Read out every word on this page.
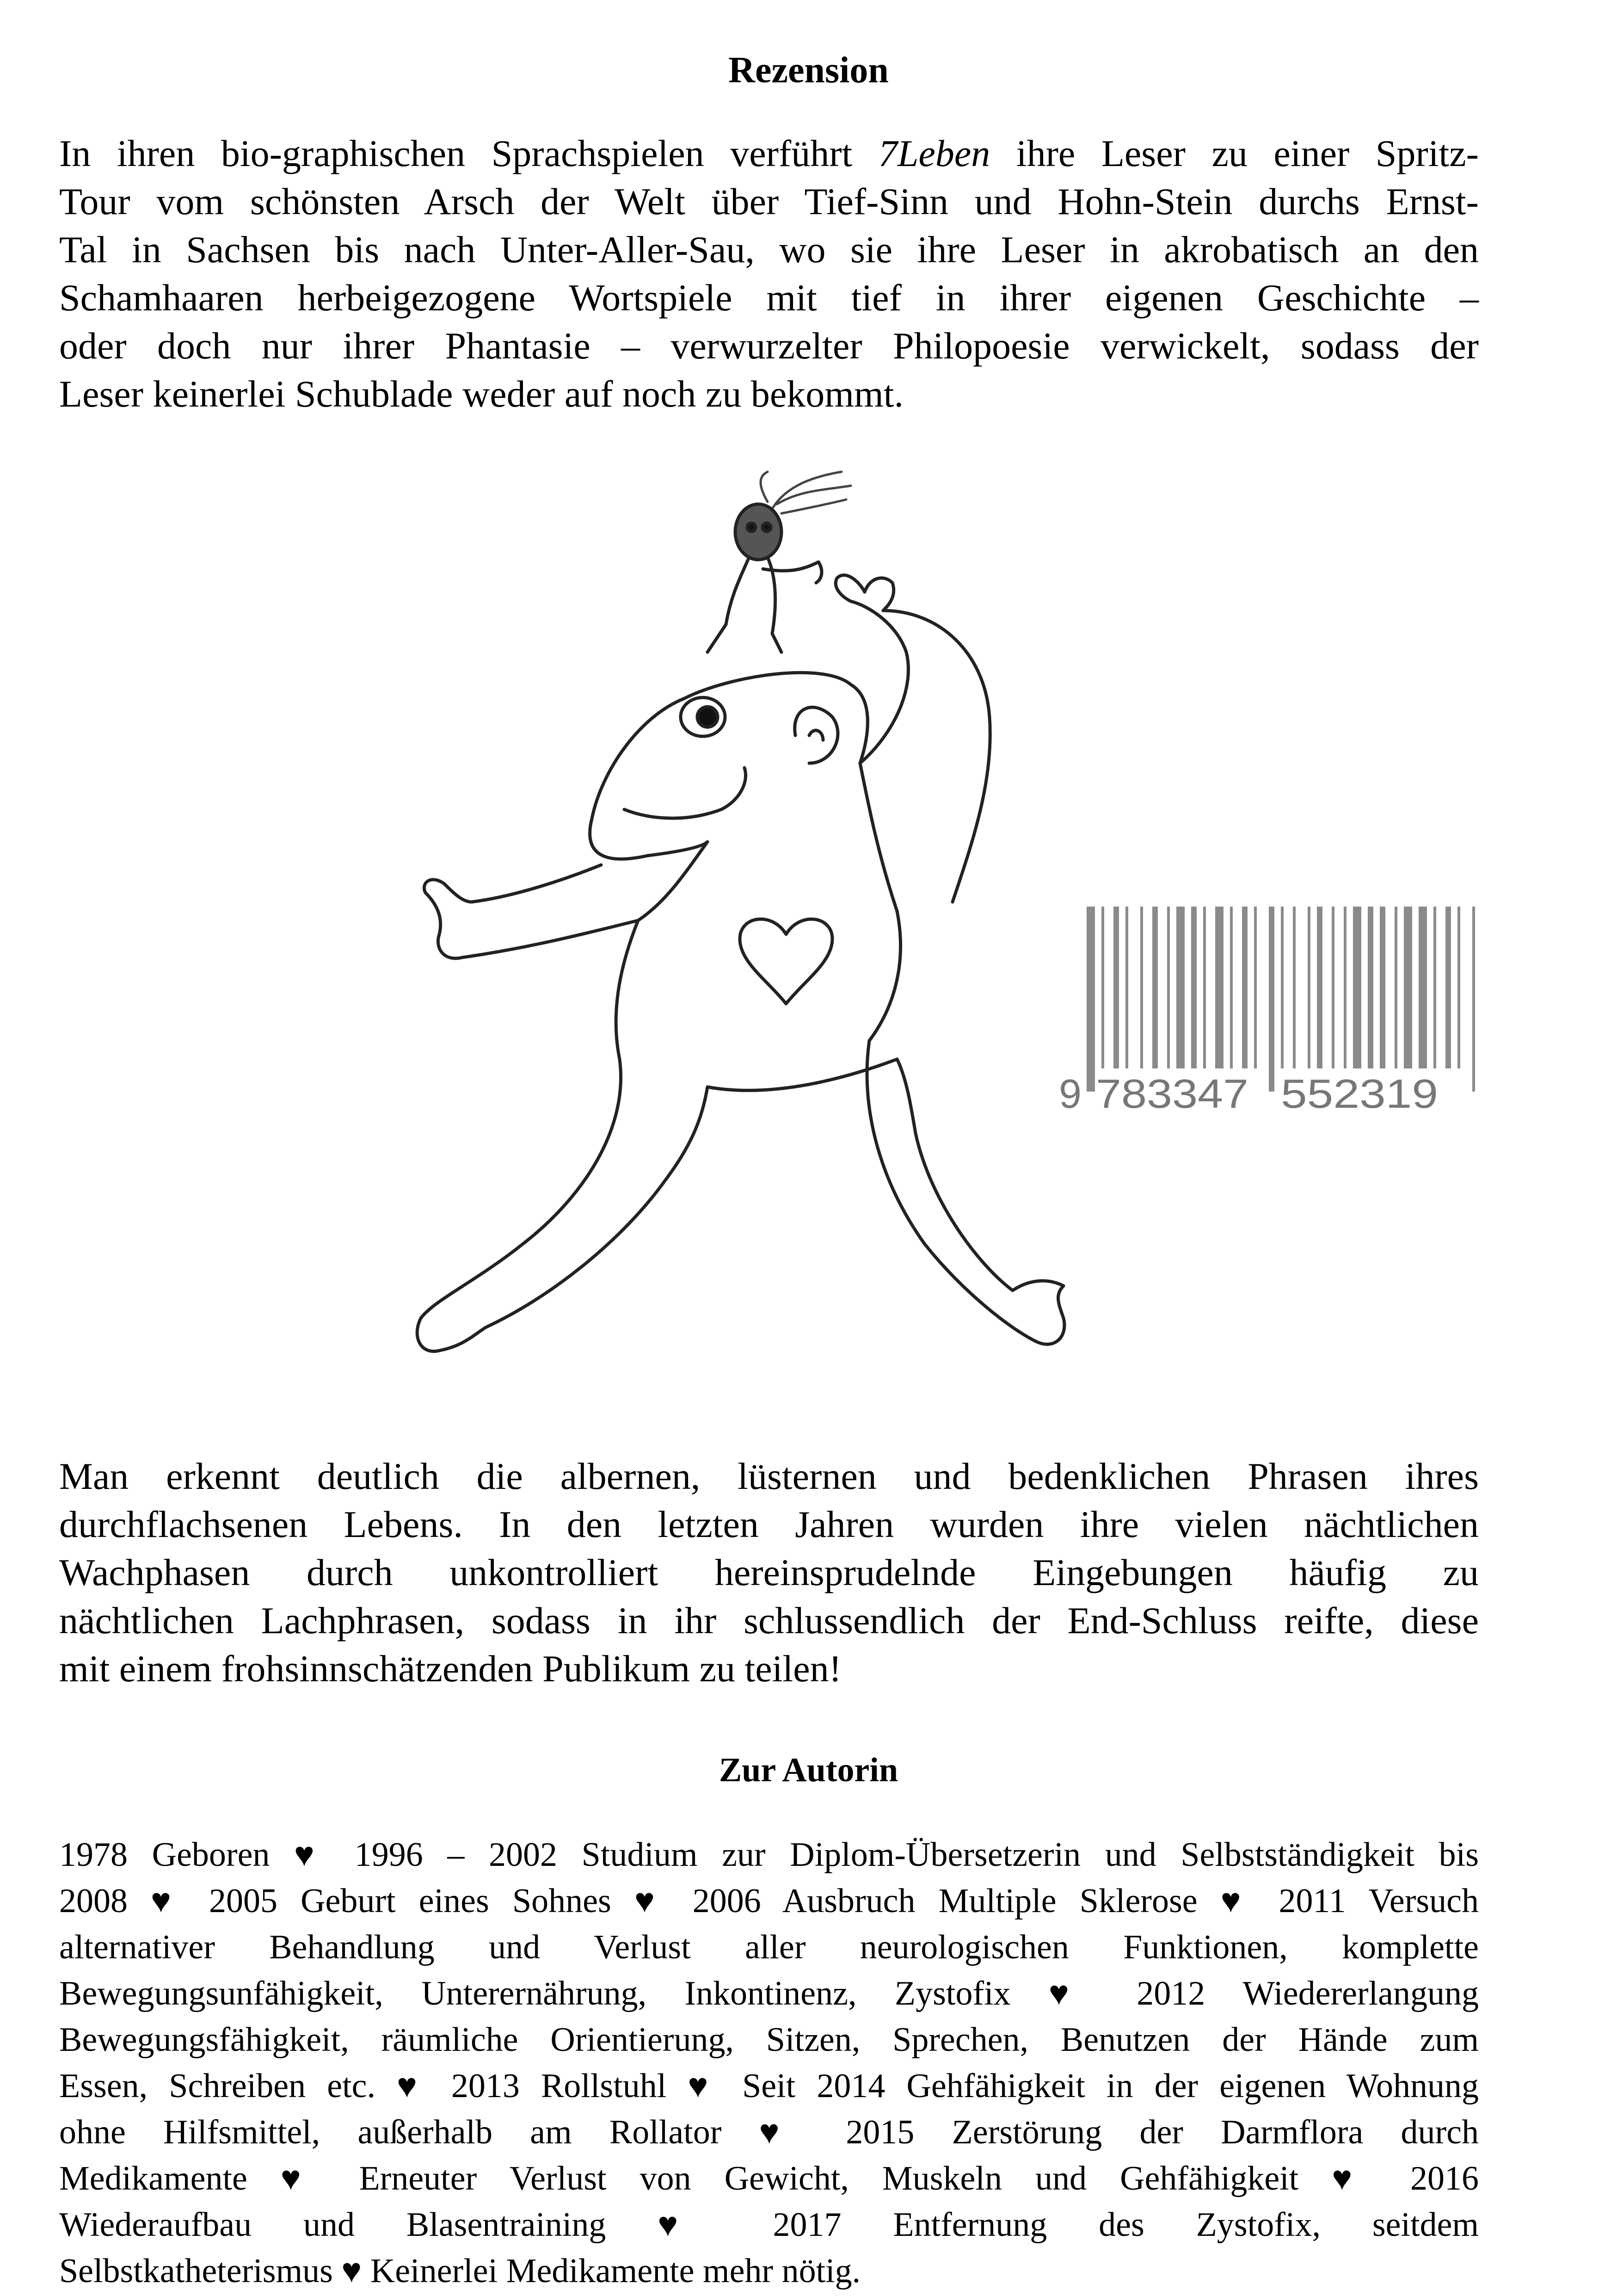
Rezension
In ihren bio-graphischen Sprachspielen verführt 7Leben ihre Leser zu einer Spritz-
Tour vom schönsten Arsch der Welt über Tief-Sinn und Hohn-Stein durchs Ernst-
Tal in Sachsen bis nach Unter-Aller-Sau, wo sie ihre Leser in akrobatisch an den
Schamhaaren herbeigezogene Wortspiele mit tief in ihrer eigenen Geschichte –
oder doch nur ihrer Phantasie – verwurzelter Philopoesie verwickelt, sodass der
Leser keinerlei Schublade weder auf noch zu bekommt.
9 783347 552319
Man erkennt deutlich die albernen, lüsternen und bedenklichen Phrasen ihres
durchflachsenen Lebens. In den letzten Jahren wurden ihre vielen nächtlichen
Wachphasen durch unkontrolliert hereinsprudelnde Eingebungen häufig zu
nächtlichen Lachphrasen, sodass in ihr schlussendlich der End-Schluss reifte, diese
mit einem frohsinnschätzenden Publikum zu teilen!
Zur Autorin
1978 Geboren ♥ 1996 – 2002 Studium zur Diplom-Übersetzerin und Selbstständigkeit bis
2008 ♥ 2005 Geburt eines Sohnes ♥ 2006 Ausbruch Multiple Sklerose ♥ 2011 Versuch
alternativer Behandlung und Verlust aller neurologischen Funktionen, komplette
Bewegungsunfähigkeit, Unterernährung, Inkontinenz, Zystofix ♥ 2012 Wiedererlangung
Bewegungsfähigkeit, räumliche Orientierung, Sitzen, Sprechen, Benutzen der Hände zum
Essen, Schreiben etc. ♥ 2013 Rollstuhl ♥ Seit 2014 Gehfähigkeit in der eigenen Wohnung
ohne Hilfsmittel, außerhalb am Rollator ♥ 2015 Zerstörung der Darmflora durch
Medikamente ♥ Erneuter Verlust von Gewicht, Muskeln und Gehfähigkeit ♥ 2016
Wiederaufbau und Blasentraining ♥ 2017 Entfernung des Zystofix, seitdem
Selbstkatheterismus ♥ Keinerlei Medikamente mehr nötig.
